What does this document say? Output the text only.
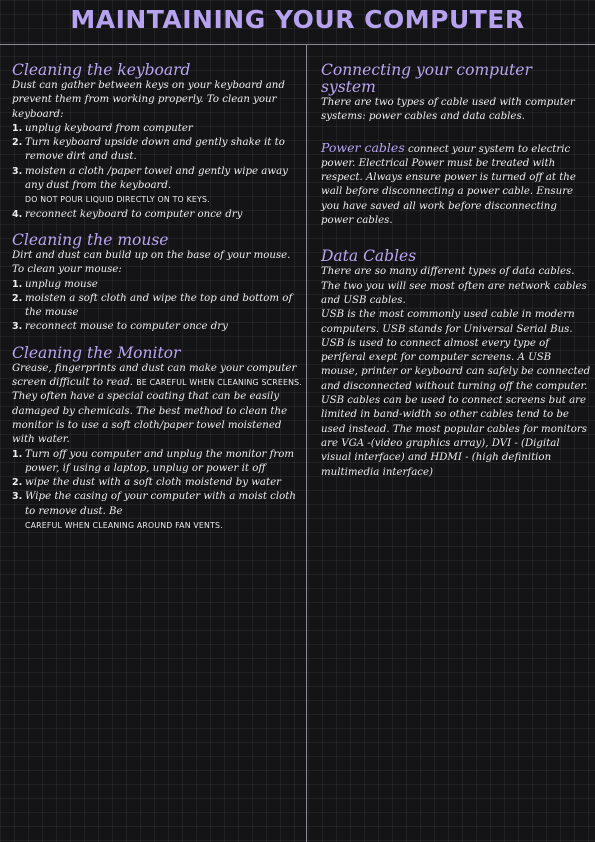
MAINTAINING YOUR COMPUTER
Cleaning the keyboard

Dust can gather between keys on your keyboard and prevent them from working properly. To clean your keyboard:

1. unplug keyboard from computer
2. Turn keyboard upside down and gently shake it to remove dirt and dust.
3. moisten a cloth /paper towel and gently wipe away any dust from the keyboard.
DO NOT POUR LIQUID DIRECTLY ON TO KEYS.
4. reconnect keyboard to computer once dry
Cleaning the mouse

Dirt and dust can build up on the base of your mouse. To clean your mouse:

1. unplug mouse
2. moisten a soft cloth and wipe the top and bottom of the mouse
3. reconnect mouse to computer once dry
Cleaning the Monitor

Grease, fingerprints and dust can make your computer screen difficult to read. BE CAREFUL WHEN CLEANING SCREENS. They often have a special coating that can be easily damaged by chemicals. The best method to clean the monitor is to use a soft cloth/paper towel moistened with water.

1. Turn off you computer and unplug the monitor from power, if using a laptop, unplug or power it off
2. wipe the dust with a soft cloth moistend by water
3. Wipe the casing of your computer with a moist cloth to remove dust. Be
CAREFUL WHEN CLEANING AROUND FAN VENTS.
Connecting your computer system

There are two types of cable used with computer systems: power cables and data cables.

Power cables connect your system to electric power. Electrical Power must be treated with respect. Always ensure power is turned off at the wall before disconnecting a power cable. Ensure you have saved all work before disconnecting power cables.

Data Cables

There are so many different types of data cables. The two you will see most often are network cables and USB cables.

USB is the most commonly used cable in modern computers. USB stands for Universal Serial Bus. USB is used to connect almost every type of periferal exept for computer screens. A USB mouse, printer or keyboard can safely be connected and disconnected without turning off the computer.

USB cables can be used to connect screens but are limited in band-width so other cables tend to be used instead. The most popular cables for monitors are VGA -(video graphics array), DVI - (Digital visual interface) and HDMI - (high definition multimedia interface)
